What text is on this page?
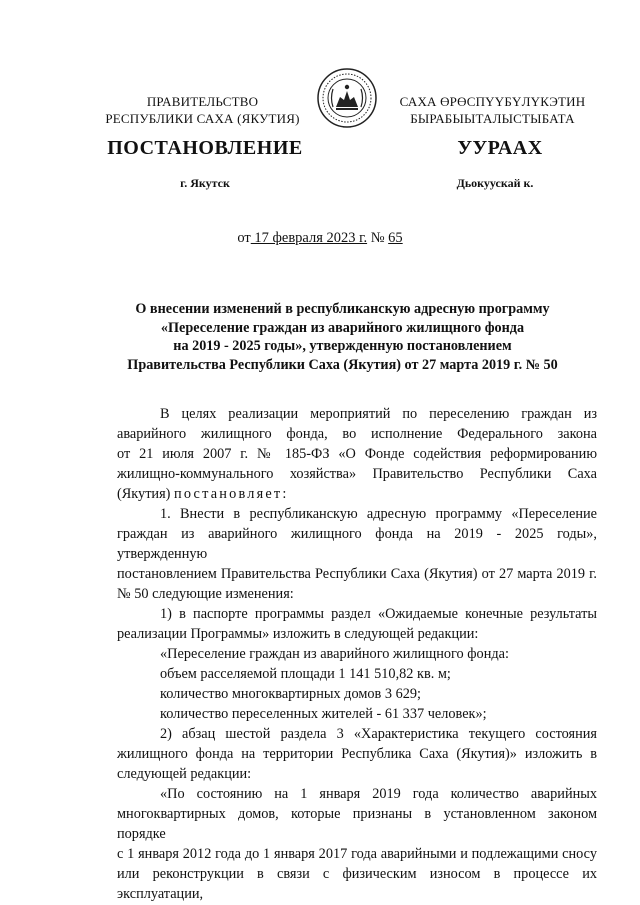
ПРАВИТЕЛЬСТВО
РЕСПУБЛИКИ САХА (ЯКУТИЯ)
САХА ӨРӨСПҮҮБҮЛҮКЭТИН
БЫРАБЫЫТАЛЫСТЫБАТА
ПОСТАНОВЛЕНИЕ	УУРААХ
г. Якутск	Дьокуускай к.
от 17 февраля 2023 г. № 65
О внесении изменений в республиканскую адресную программу
«Переселение граждан из аварийного жилищного фонда
на 2019 - 2025 годы», утвержденную постановлением
Правительства Республики Саха (Якутия) от 27 марта 2019 г. № 50
В целях реализации мероприятий по переселению граждан из
аварийного жилищного фонда, во исполнение Федерального закона
от 21 июля 2007 г. № 185-ФЗ «О Фонде содействия реформированию
жилищно-коммунального хозяйства» Правительство Республики Саха
(Якутия) постановляет:
1. Внести в республиканскую адресную программу «Переселение
граждан из аварийного жилищного фонда на 2019 - 2025 годы», утвержденную
постановлением Правительства Республики Саха (Якутия) от 27 марта 2019 г.
№ 50 следующие изменения:
1) в паспорте программы раздел «Ожидаемые конечные результаты
реализации Программы» изложить в следующей редакции:
«Переселение граждан из аварийного жилищного фонда:
объем расселяемой площади 1 141 510,82 кв. м;
количество многоквартирных домов 3 629;
количество переселенных жителей - 61 337 человек»;
2) абзац шестой раздела 3 «Характеристика текущего состояния
жилищного фонда на территории Республика Саха (Якутия)» изложить в
следующей редакции:
«По состоянию на 1 января 2019 года количество аварийных
многоквартирных домов, которые признаны в установленном законом порядке
с 1 января 2012 года до 1 января 2017 года аварийными и подлежащими сносу
или реконструкции в связи с физическим износом в процессе их эксплуатации,
